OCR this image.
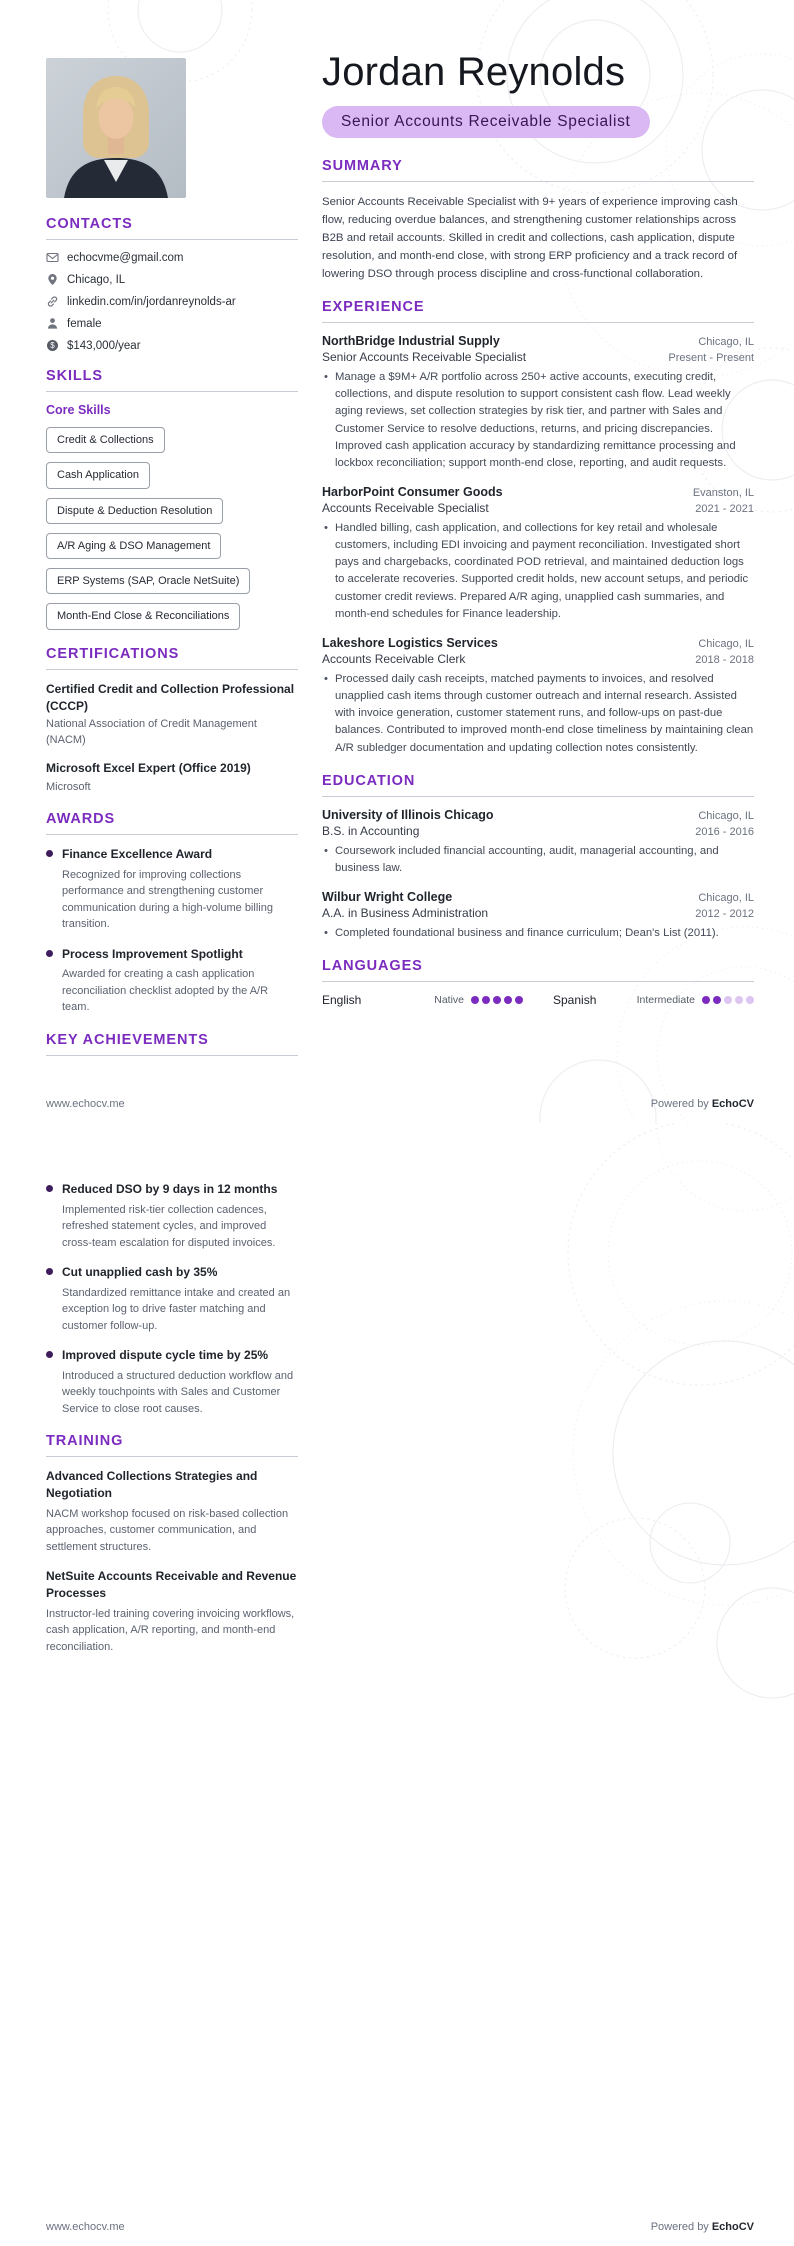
CONTACTS
echocvme@gmail.com
Chicago, IL
linkedin.com/in/jordanreynolds-ar
female
$ $143,000/year
SKILLS
Core Skills
Credit & Collections
Cash Application
Dispute & Deduction Resolution
A/R Aging & DSO Management
ERP Systems (SAP, Oracle NetSuite)
Month-End Close & Reconciliations
CERTIFICATIONS

Certified Credit and Collection Professional (CCCP)

National Association of Credit Management (NACM)

Microsoft Excel Expert (Office 2019)

Microsoft

AWARDS
Finance Excellence Award

Recognized for improving collections performance and strengthening customer communication during a high-volume billing transition.

Process Improvement Spotlight

Awarded for creating a cash application reconciliation checklist adopted by the A/R team.

KEY ACHIEVEMENTS
Jordan Reynolds
Senior Accounts Receivable Specialist
SUMMARY

Senior Accounts Receivable Specialist with 9+ years of experience improving cash flow, reducing overdue balances, and strengthening customer relationships across B2B and retail accounts. Skilled in credit and collections, cash application, dispute resolution, and month-end close, with strong ERP proficiency and a track record of lowering DSO through process discipline and cross-functional collaboration.

EXPERIENCE
NorthBridge Industrial Supply	Chicago, IL
Senior Accounts Receivable Specialist	Present - Present
• Manage a $9M+ A/R portfolio across 250+ active accounts, executing credit, collections, and dispute resolution to support consistent cash flow. Lead weekly aging reviews, set collection strategies by risk tier, and partner with Sales and Customer Service to resolve deductions, returns, and pricing discrepancies. Improved cash application accuracy by standardizing remittance processing and lockbox reconciliation; support month-end close, reporting, and audit requests.
HarborPoint Consumer Goods	Evanston, IL
Accounts Receivable Specialist	2021 - 2021
• Handled billing, cash application, and collections for key retail and wholesale customers, including EDI invoicing and payment reconciliation. Investigated short pays and chargebacks, coordinated POD retrieval, and maintained deduction logs to accelerate recoveries. Supported credit holds, new account setups, and periodic customer credit reviews. Prepared A/R aging, unapplied cash summaries, and month-end schedules for Finance leadership.
Lakeshore Logistics Services	Chicago, IL
Accounts Receivable Clerk	2018 - 2018
• Processed daily cash receipts, matched payments to invoices, and resolved unapplied cash items through customer outreach and internal research. Assisted with invoice generation, customer statement runs, and follow-ups on past-due balances. Contributed to improved month-end close timeliness by maintaining clean A/R subledger documentation and updating collection notes consistently.
EDUCATION
University of Illinois Chicago	Chicago, IL
B.S. in Accounting	2016 - 2016
• Coursework included financial accounting, audit, managerial accounting, and business law.
Wilbur Wright College	Chicago, IL
A.A. in Business Administration	2012 - 2012
• Completed foundational business and finance curriculum; Dean's List (2011).
LANGUAGES
English	Native	Spanish	Intermediate
www.echocv.me	Powered by EchoCV
Reduced DSO by 9 days in 12 months

Implemented risk-tier collection cadences, refreshed statement cycles, and improved cross-team escalation for disputed invoices.

Cut unapplied cash by 35%

Standardized remittance intake and created an exception log to drive faster matching and customer follow-up.

Improved dispute cycle time by 25%

Introduced a structured deduction workflow and weekly touchpoints with Sales and Customer Service to close root causes.

TRAINING

Advanced Collections Strategies and Negotiation

NACM workshop focused on risk-based collection approaches, customer communication, and settlement structures.

NetSuite Accounts Receivable and Revenue Processes

Instructor-led training covering invoicing workflows, cash application, A/R reporting, and month-end reconciliation.

www.echocv.me	Powered by EchoCV
